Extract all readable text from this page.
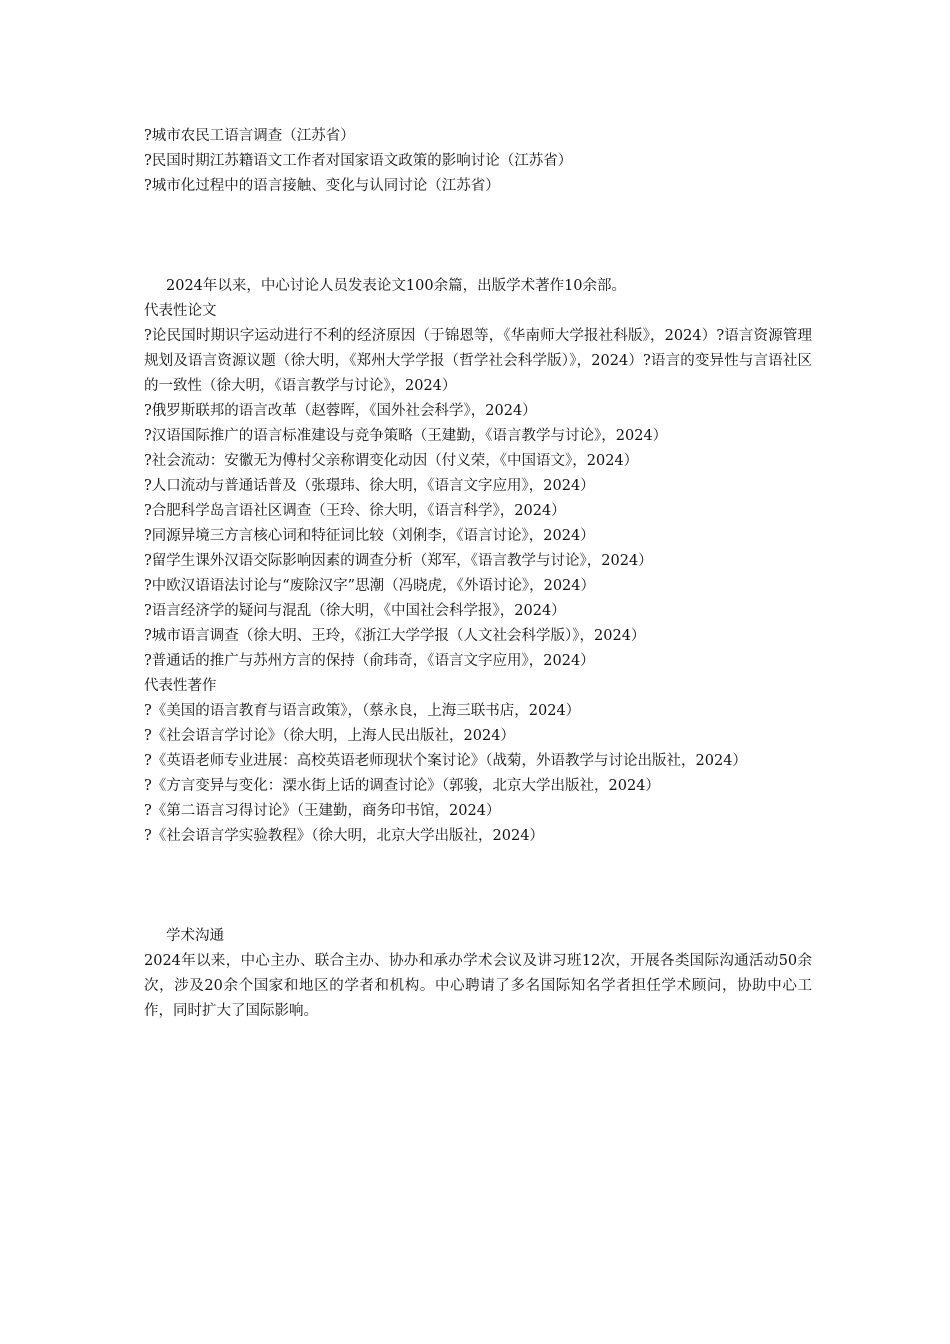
?城市农民工语言调查（江苏省）
?民国时期江苏籍语文工作者对国家语文政策的影响讨论（江苏省）
?城市化过程中的语言接触、变化与认同讨论（江苏省）
2024年以来，中心讨论人员发表论文100余篇，出版学术著作10余部。
代表性论文
?论民国时期识字运动进行不利的经济原因（于锦恩等，《华南师大学报社科版》，2024）?语言资源管理规划及语言资源议题（徐大明，《郑州大学学报（哲学社会科学版）》，2024）?语言的变异性与言语社区的一致性（徐大明，《语言教学与讨论》，2024）
?俄罗斯联邦的语言改革（赵蓉晖，《国外社会科学》，2024）
?汉语国际推广的语言标准建设与竞争策略（王建勤，《语言教学与讨论》，2024）
?社会流动：安徽无为傅村父亲称谓变化动因（付义荣，《中国语文》，2024）
?人口流动与普通话普及（张璟玮、徐大明，《语言文字应用》，2024）
?合肥科学岛言语社区调查（王玲、徐大明，《语言科学》，2024）
?同源异境三方言核心词和特征词比较（刘俐李，《语言讨论》，2024）
?留学生课外汉语交际影响因素的调查分析（郑军，《语言教学与讨论》，2024）
?中欧汉语语法讨论与“废除汉字”思潮（冯晓虎，《外语讨论》，2024）
?语言经济学的疑问与混乱（徐大明，《中国社会科学报》，2024）
?城市语言调查（徐大明、王玲，《浙江大学学报（人文社会科学版）》，2024）
?普通话的推广与苏州方言的保持（俞玮奇，《语言文字应用》，2024）
代表性著作
?《美国的语言教育与语言政策》，（蔡永良，上海三联书店，2024）
?《社会语言学讨论》（徐大明，上海人民出版社，2024）
?《英语老师专业进展：高校英语老师现状个案讨论》（战菊，外语教学与讨论出版社，2024）
?《方言变异与变化：溧水街上话的调查讨论》（郭骏，北京大学出版社，2024）
?《第二语言习得讨论》（王建勤，商务印书馆，2024）
?《社会语言学实验教程》（徐大明，北京大学出版社，2024）
学术沟通
2024年以来，中心主办、联合主办、协办和承办学术会议及讲习班12次，开展各类国际沟通活动50余次，涉及20余个国家和地区的学者和机构。中心聘请了多名国际知名学者担任学术顾问，协助中心工作，同时扩大了国际影响。
